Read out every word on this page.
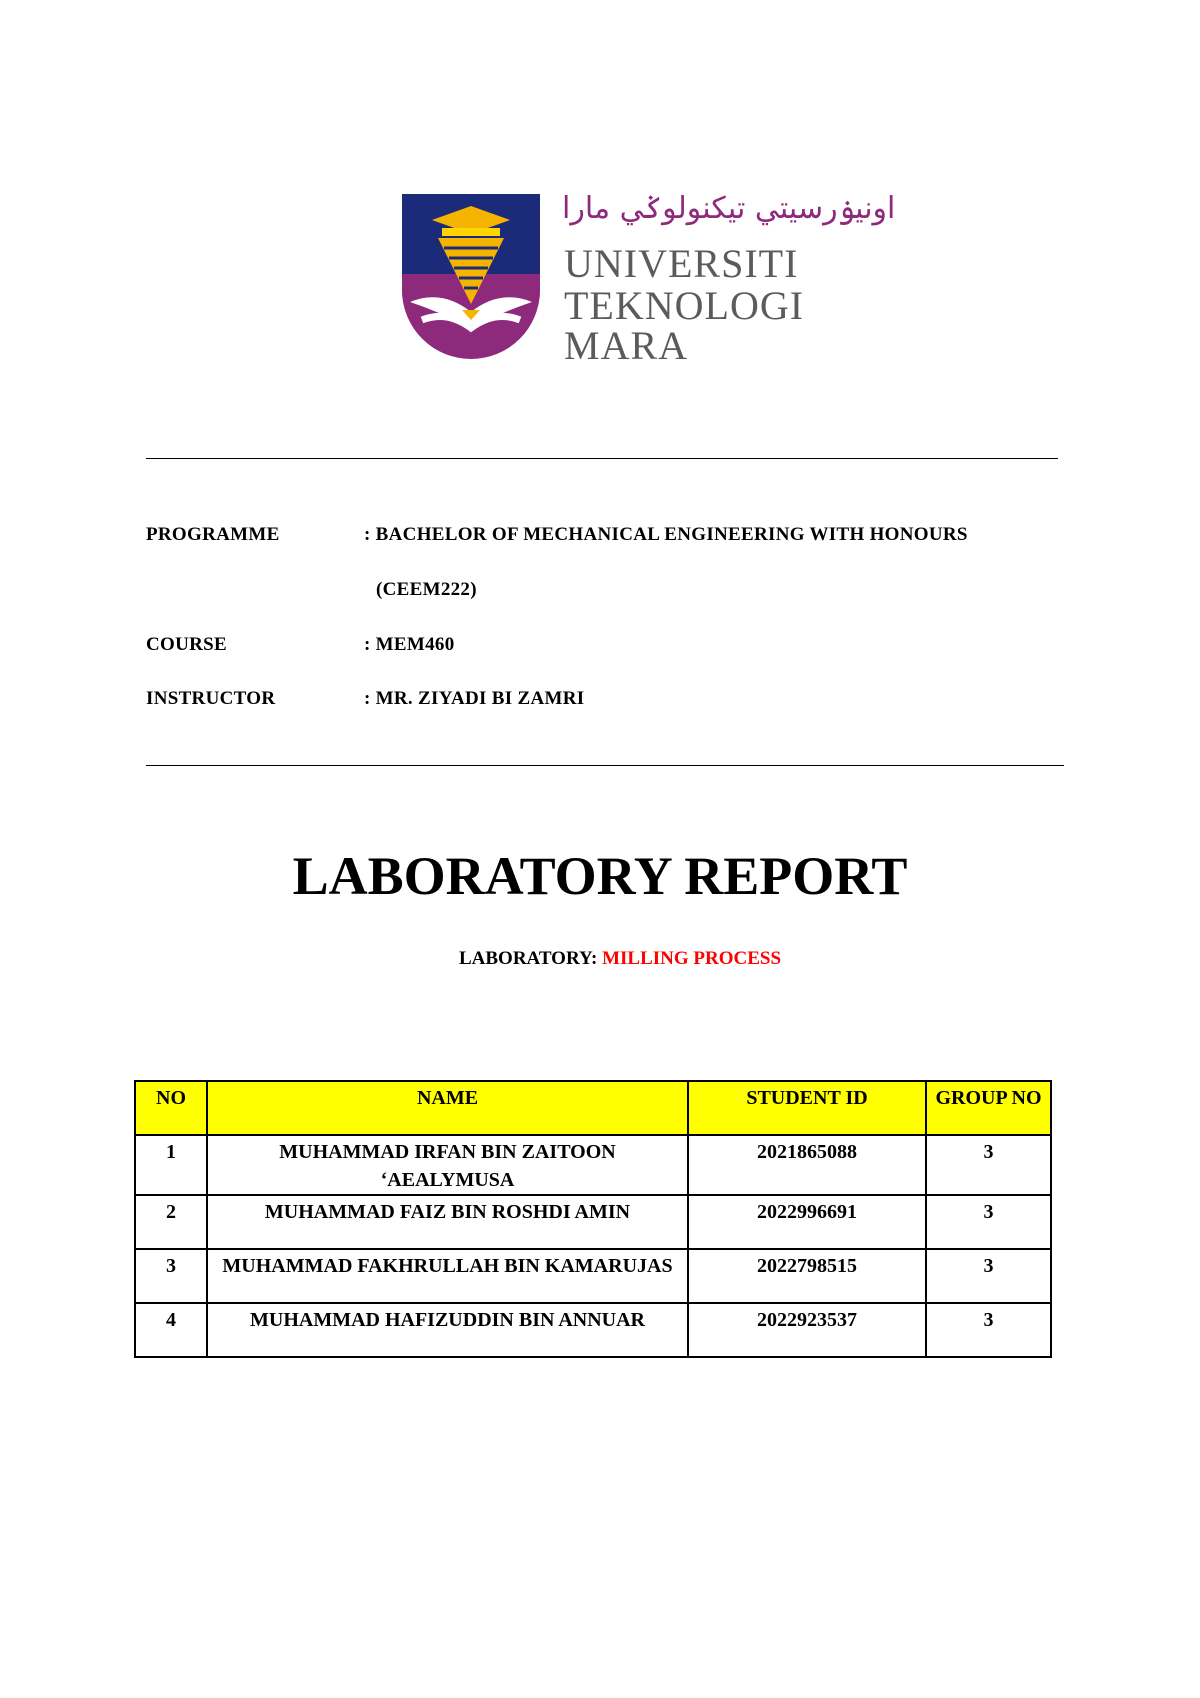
اونيۏرسيتي تيكنولوݢي مارا
UNIVERSITI
TEKNOLOGI
MARA
PROGRAMME	: BACHELOR OF MECHANICAL ENGINEERING WITH HONOURS
(CEEM222)
COURSE	: MEM460
INSTRUCTOR	: MR. ZIYADI BI ZAMRI
LABORATORY REPORT
LABORATORY: MILLING PROCESS
NO	NAME	STUDENT ID	GROUP NO
1	MUHAMMAD IRFAN BIN ZAITOON ‘AEALYMUSA	2021865088	3
2	MUHAMMAD FAIZ BIN ROSHDI AMIN	2022996691	3
3	MUHAMMAD FAKHRULLAH BIN KAMARUJAS	2022798515	3
4	MUHAMMAD HAFIZUDDIN BIN ANNUAR	2022923537	3
